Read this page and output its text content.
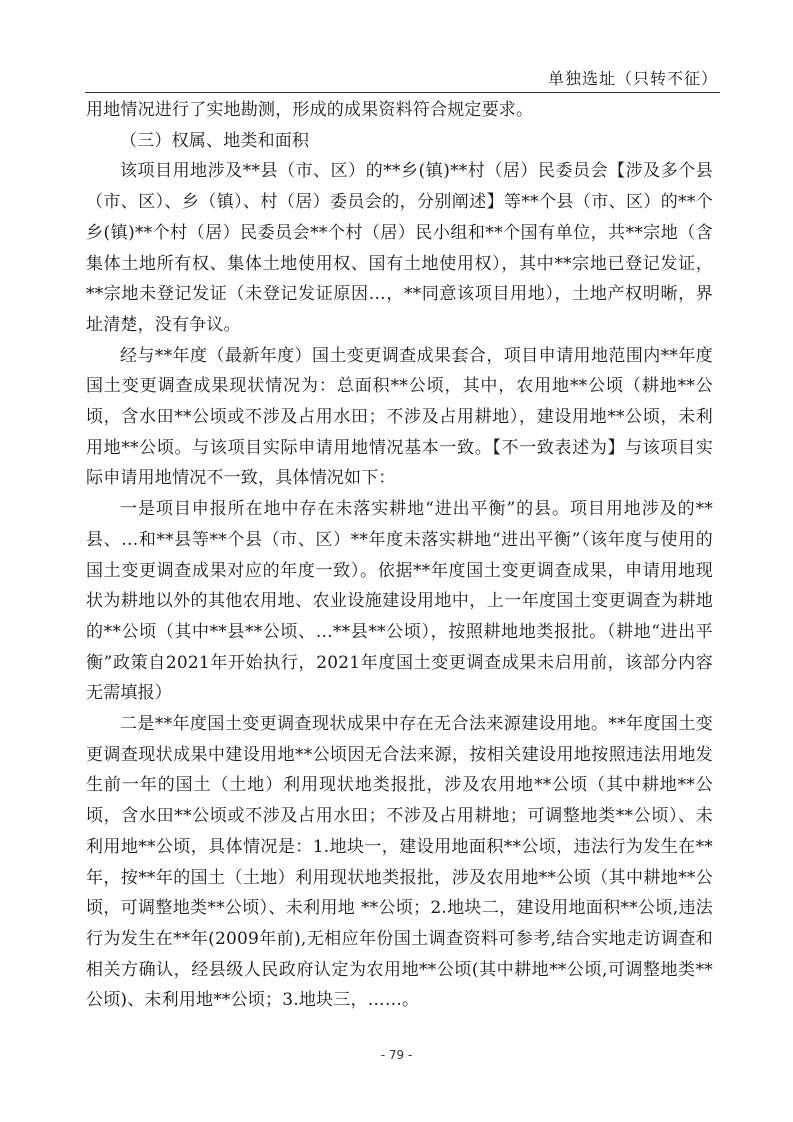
单独选址（只转不征）

用地情况进行了实地勘测，形成的成果资料符合规定要求。

（三）权属、地类和面积

该项目用地涉及**县（市、区）的**乡(镇)**村（居）民委员会【涉及多个县（市、区）、乡（镇）、村（居）委员会的，分别阐述】等**个县（市、区）的**个乡(镇)**个村（居）民委员会**个村（居）民小组和**个国有单位，共**宗地（含集体土地所有权、集体土地使用权、国有土地使用权），其中**宗地已登记发证，**宗地未登记发证（未登记发证原因…，**同意该项目用地），土地产权明晰，界址清楚，没有争议。

经与**年度（最新年度）国土变更调查成果套合，项目申请用地范围内**年度国土变更调查成果现状情况为：总面积**公顷，其中，农用地**公顷（耕地**公顷，含水田**公顷或不涉及占用水田；不涉及占用耕地），建设用地**公顷，未利用地**公顷。与该项目实际申请用地情况基本一致。【不一致表述为】与该项目实际申请用地情况不一致，具体情况如下：

一是项目申报所在地中存在未落实耕地“进出平衡”的县。项目用地涉及的**县、…和**县等**个县（市、区）**年度未落实耕地“进出平衡”（该年度与使用的国土变更调查成果对应的年度一致）。依据**年度国土变更调查成果，申请用地现状为耕地以外的其他农用地、农业设施建设用地中，上一年度国土变更调查为耕地的**公顷（其中**县**公顷、…**县**公顷），按照耕地地类报批。（耕地“进出平衡”政策自2021年开始执行，2021年度国土变更调查成果未启用前，该部分内容无需填报）

二是**年度国土变更调查现状成果中存在无合法来源建设用地。**年度国土变更调查现状成果中建设用地**公顷因无合法来源，按相关建设用地按照违法用地发生前一年的国土（土地）利用现状地类报批，涉及农用地**公顷（其中耕地**公顷，含水田**公顷或不涉及占用水田；不涉及占用耕地；可调整地类**公顷）、未利用地**公顷，具体情况是：1.地块一，建设用地面积**公顷，违法行为发生在**年，按**年的国土（土地）利用现状地类报批，涉及农用地**公顷（其中耕地**公顷，可调整地类**公顷）、未利用地 **公顷；2.地块二，建设用地面积**公顷,违法行为发生在**年(2009年前),无相应年份国土调查资料可参考,结合实地走访调查和相关方确认，经县级人民政府认定为农用地**公顷(其中耕地**公顷,可调整地类**公顷)、未利用地**公顷；3.地块三，……。

- 79 -
